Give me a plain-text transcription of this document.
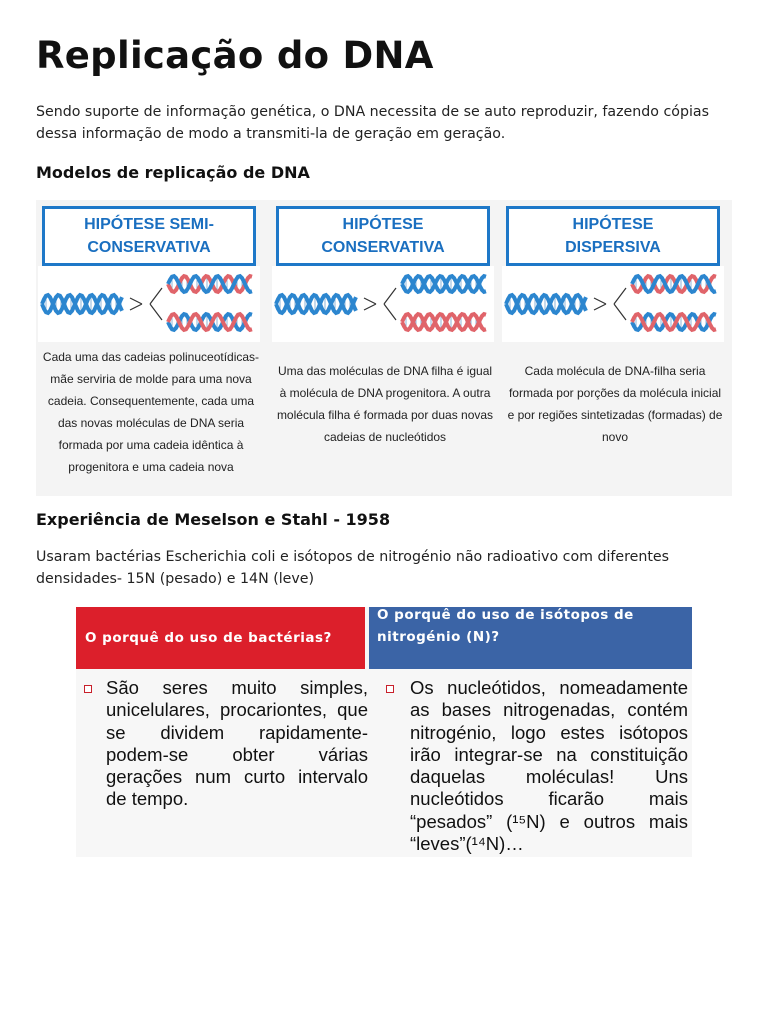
Replicação do DNA

Sendo suporte de informação genética, o DNA necessita de se auto reproduzir, fazendo cópias dessa informação de modo a transmiti-la de geração em geração.

Modelos de replicação de DNA
Experiência de Meselson e Stahl - 1958

Usaram bactérias Escherichia coli e isótopos de nitrogénio não radioativo com diferentes densidades- 15N (pesado) e 14N (leve)

HIPÓTESE SEMI-
CONSERVATIVA
Cada uma das cadeias polinuceotídicas-mãe serviria de molde para uma nova cadeia. Consequentemente, cada uma das novas moléculas de DNA seria formada por uma cadeia idêntica à progenitora e uma cadeia nova
HIPÓTESE
CONSERVATIVA
Uma das moléculas de DNA filha é igual à molécula de DNA progenitora. A outra molécula filha é formada por duas novas cadeias de nucleótidos
HIPÓTESE
DISPERSIVA
Cada molécula de DNA-filha seria formada por porções da molécula inicial e por regiões sintetizadas (formadas) de novo
O porquê do uso de bactérias?
O porquê do uso de isótopos de nitrogénio (N)?
São seres muito simples, unicelulares, procariontes, que se dividem rapidamente- podem-se obter várias gerações num curto intervalo de tempo.
Os nucleótidos, nomeadamente as bases nitrogenadas, contém nitrogénio, logo estes isótopos irão integrar-se na constituição daquelas moléculas! Uns nucleótidos ficarão mais “pesados” (¹⁵N) e outros mais “leves”(¹⁴N)…
